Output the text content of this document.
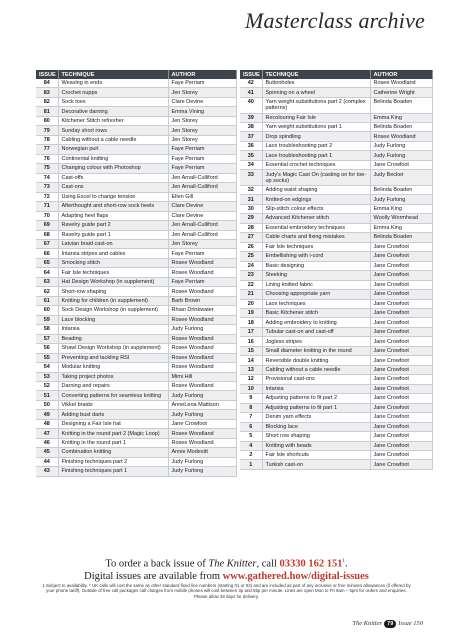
Masterclass archive
ISSUE	TECHNIQUE	AUTHOR
84	Weaving in ends	Faye Perriam
83	Crochet nupps	Jen Storey
82	Sock toes	Clare Devine
81	Decorative darning	Emma Vining
80	Kitchener Stitch refresher	Jen Storey
79	Sunday short rows	Jen Storey
78	Cabling without a cable needle	Jen Storey
77	Norwegian purl	Faye Perriam
76	Continental knitting	Faye Perriam
75	Changing colour with Photoshop	Faye Perriam
74	Cast-offs	Jen Arnall-Culliford
73	Cast-ons	Jen Arnall-Culliford
72	Using Excel to change tension	Ellen Gill
71	Afterthought and short-row sock heels	Clare Devine
70	Adapting heel flaps	Clare Devine
69	Ravelry guide part 2	Jen Arnall-Culliford
68	Ravelry guide part 1	Jen Arnall-Culliford
67	Latvian braid cast-on	Jen Storey
66	Intarsia stripes and cables	Faye Perriam
65	Smocking stitch	Rosee Woodland
64	Fair Isle techniques	Rosee Woodland
63	Hat Design Workshop (in supplement)	Faye Perriam
62	Short-row shaping	Rosee Woodland
61	Knitting for children (in supplement)	Barb Brown
60	Sock Design Workshop (in supplement)	Rhian Drinkwater
59	Lace blocking	Rosee Woodland
58	Intarsia	Judy Furlong
57	Beading	Rosee Woodland
56	Shawl Design Workshop (in supplement)	Rosee Woodland
55	Preventing and tackling RSI	Rosee Woodland
54	Modular knitting	Rosee Woodland
53	Taking project photos	Mimi Hill
52	Darning and repairs	Rosee Woodland
51	Converting patterns for seamless knitting	Judy Furlong
50	Vikkel braids	AnneLena Mattison
49	Adding bust darts	Judy Furlong
48	Designing a Fair Isle hat	Jane Crowfoot
47	Knitting in the round part 2 (Magic Loop)	Rosee Woodland
46	Knitting in the round part 1	Rosee Woodland
45	Combination knitting	Annie Modesitt
44	Finishing techniques part 2	Judy Furlong
43	Finishing techniques part 1	Judy Furlong
ISSUE	TECHNIQUE	AUTHOR
42	Buttonholes	Rosee Woodland
41	Spinning on a wheel	Catherine Wright
40	Yarn weight substitutions part 2 (complex patterns)	Belinda Boaden
39	Recolouring Fair Isle	Emma King
38	Yarn weight substitutions part 1	Belinda Boaden
37	Drop spindling	Rosee Woodland
36	Lace troubleshooting part 2	Judy Furlong
35	Lace troubleshooting part 1	Judy Furlong
34	Essential crochet techniques	Jane Crowfoot
33	Judy's Magic Cast On (casting on for toe-up socks)	Judy Becker
32	Adding waist shaping	Belinda Boaden
31	Knitted-on edgings	Judy Furlong
30	Slip-stitch colour effects	Emma King
29	Advanced Kitchener stitch	Woolly Wormhead
28	Essential embroidery techniques	Emma King
27	Cable charts and fixing mistakes	Belinda Boaden
26	Fair Isle techniques	Jane Crowfoot
25	Embellishing with i-cord	Jane Crowfoot
24	Basic designing	Jane Crowfoot
23	Steeking	Jane Crowfoot
22	Lining knitted fabric	Jane Crowfoot
21	Choosing appropriate yarn	Jane Crowfoot
20	Lace techniques	Jane Crowfoot
19	Basic Kitchener stitch	Jane Crowfoot
18	Adding embroidery to knitting	Jane Crowfoot
17	Tubular cast-on and cast-off	Jane Crowfoot
16	Jogless stripes	Jane Crowfoot
15	Small diameter knitting in the round	Jane Crowfoot
14	Reversible double knitting	Jane Crowfoot
13	Cabling without a cable needle	Jane Crowfoot
12	Provisional cast-ons	Jane Crowfoot
10	Intarsia	Jane Crowfoot
9	Adjusting patterns to fit part 2	Jane Crowfoot
8	Adjusting patterns to fit part 1	Jane Crowfoot
7	Denim yarn effects	Jane Crowfoot
6	Blocking lace	Jane Crowfoot
5	Short row shaping	Jane Crowfoot
4	Knitting with beads	Jane Crowfoot
2	Fair Isle shortcuts	Jane Crowfoot
1	Turkish cast-on	Jane Crowfoot
To order a back issue of The Knitter, call 03330 162 $151^1$.
Digital issues are available from www.gathered.how/digital-issues
1 Subject to availability. * UK calls will cost the same as other standard fixed line numbers (starting 01 or 02) and are included as part of any inclusive or free minutes allowances (if offered by your phone tariff). Outside of free call packages call charges from mobile phones will cost between 3p and 55p per minute. Lines are open Mon to Fri 9am – 5pm for orders and enquiries. Please allow 28 days for delivery.
The Knitter 79 Issue 150
